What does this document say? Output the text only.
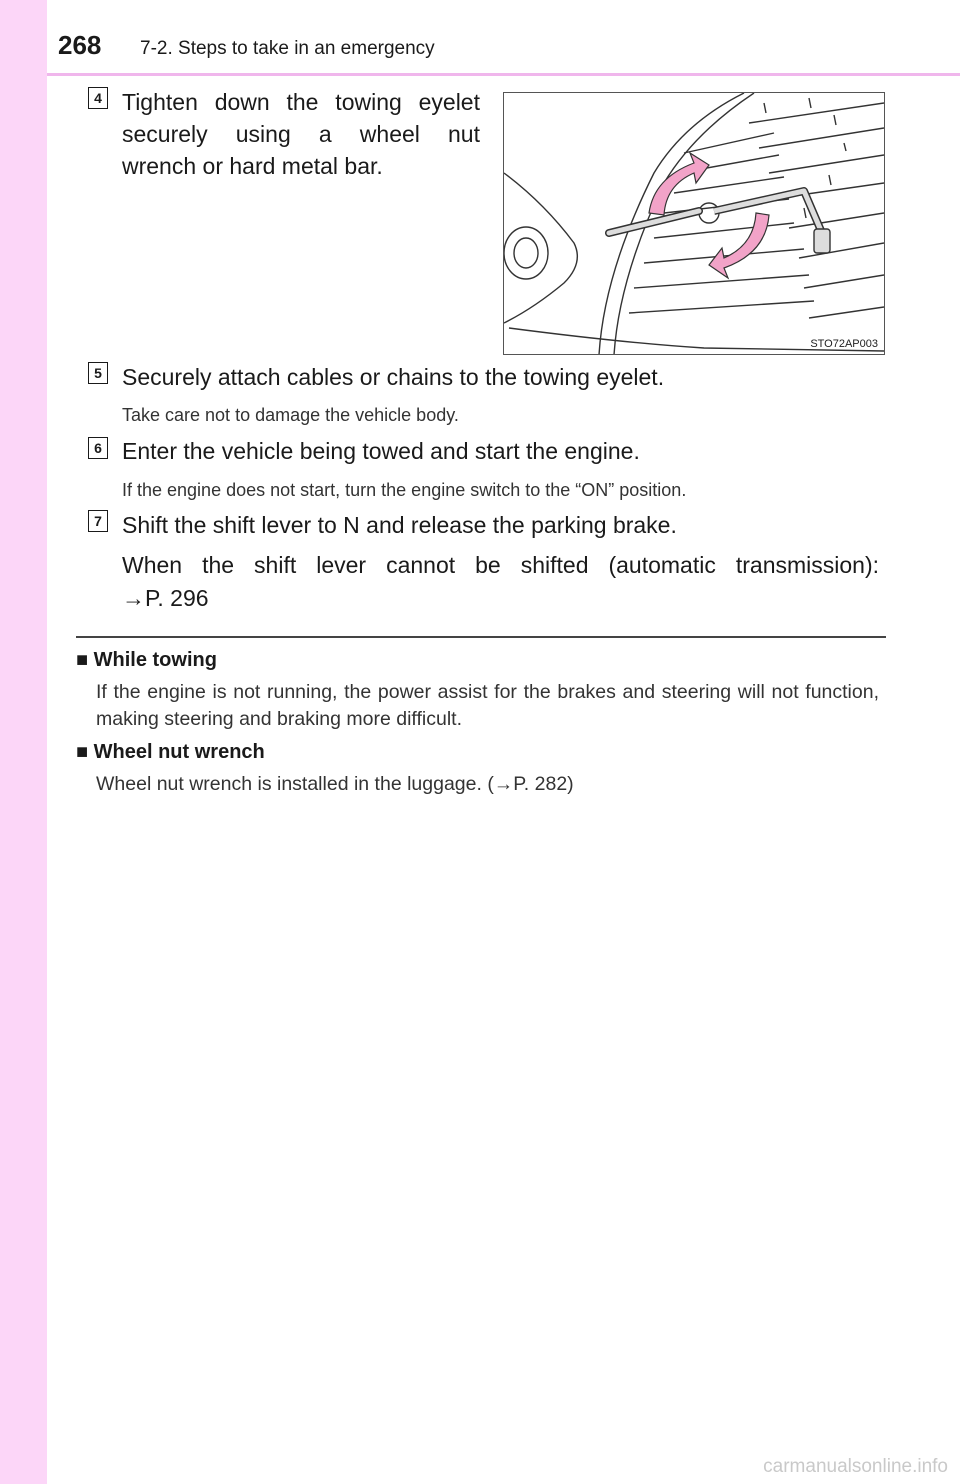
268 7-2. Steps to take in an emergency
4 Tighten down the towing eyelet
securely using a wheel nut
wrench or hard metal bar.
STO72AP003
5 Securely attach cables or chains to the towing eyelet.
Take care not to damage the vehicle body.
6 Enter the vehicle being towed and start the engine.
If the engine does not start, turn the engine switch to the “ON” position.
7 Shift the shift lever to N and release the parking brake.
When the shift lever cannot be shifted (automatic transmission):
→P. 296
■ While towing
If the engine is not running, the power assist for the brakes and steering will not function, making steering and braking more difficult.
■ Wheel nut wrench
Wheel nut wrench is installed in the luggage. (→P. 282)
carmanualsonline.info
